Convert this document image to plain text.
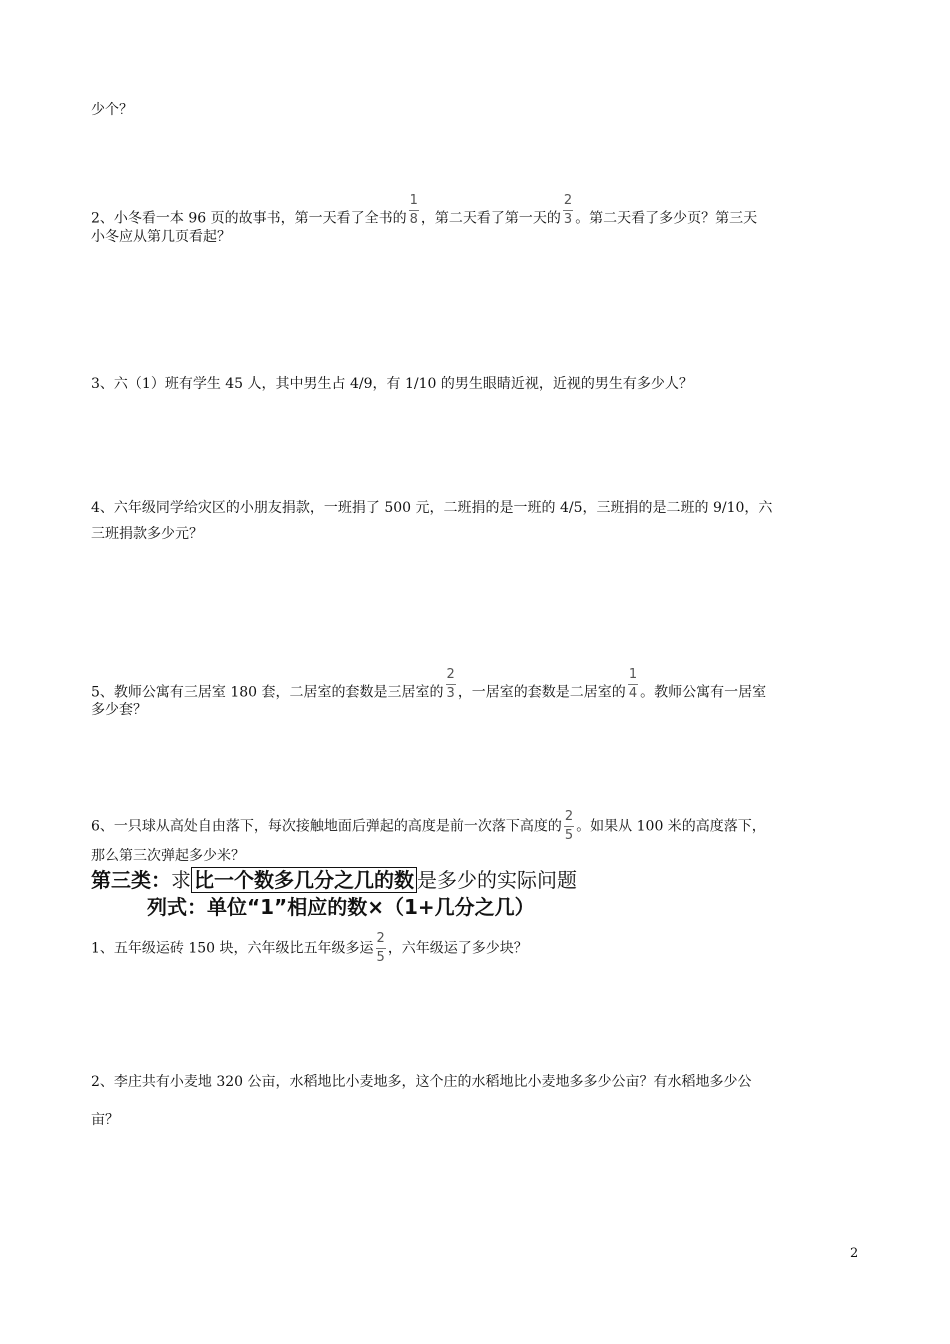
少个？
2、小冬看一本 96 页的故事书，第一天看了全书的 $\frac{1}{8}$ ，第二天看了第一天的 $\frac{2}{3}$ 。第二天看了多少页？第三天
小冬应从第几页看起？
3、六（1）班有学生 45 人，其中男生占 4/9，有 1/10 的男生眼睛近视，近视的男生有多少人？
4、六年级同学给灾区的小朋友捐款，一班捐了 500 元，二班捐的是一班的 4/5，三班捐的是二班的 9/10，六
三班捐款多少元？
5、教师公寓有三居室 180 套，二居室的套数是三居室的 $\frac{2}{3}$ ，一居室的套数是二居室的 $\frac{1}{4}$ 。教师公寓有一居室
多少套？
6、一只球从高处自由落下，每次接触地面后弹起的高度是前一次落下高度的 $\frac{2}{5}$ 。如果从 100 米的高度落下，
那么第三次弹起多少米？
第三类：求 比一个数多几分之几的数 是多少的实际问题
列式：单位“1”相应的数×（1+几分之几）
1、五年级运砖 150 块，六年级比五年级多运 $\frac{2}{5}$ ，六年级运了多少块？
2、李庄共有小麦地 320 公亩，水稻地比小麦地多，这个庄的水稻地比小麦地多多少公亩？有水稻地多少公
亩？
2
